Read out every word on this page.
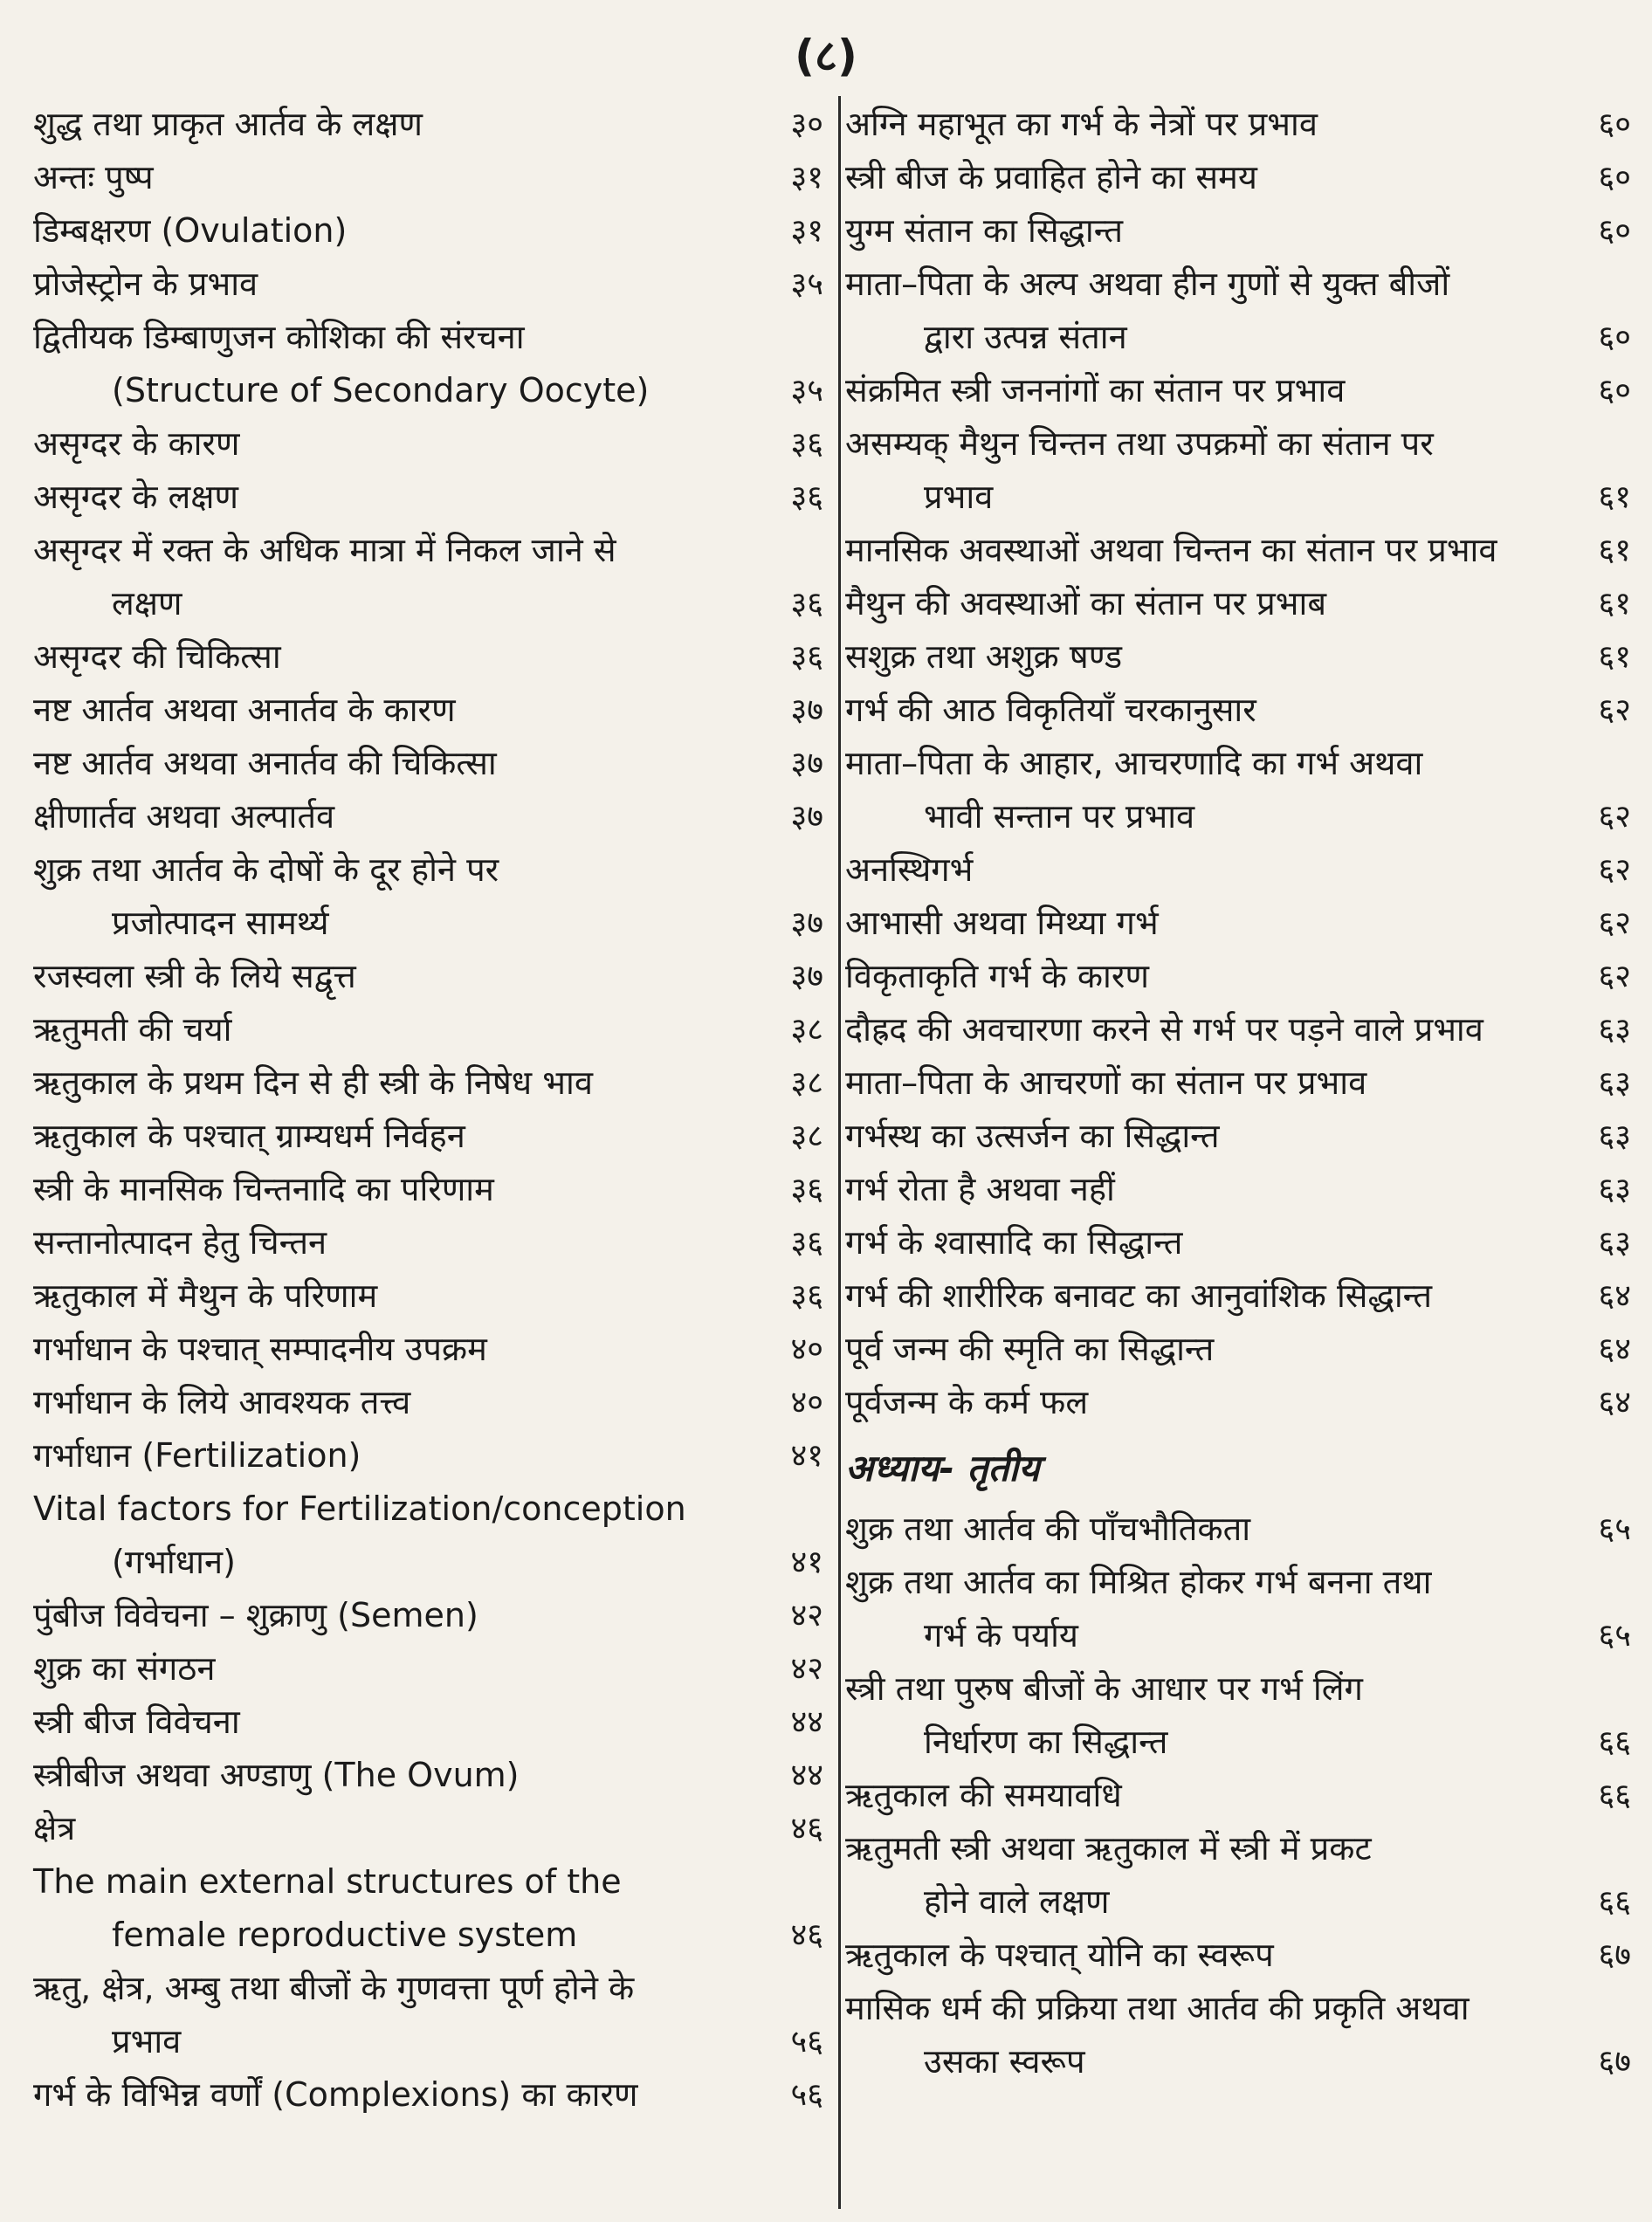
(८)
शुद्ध तथा प्राकृत आर्तव के लक्षण	३०
अन्तः पुष्प	३१
डिम्बक्षरण (Ovulation)	३१
प्रोजेस्ट्रोन के प्रभाव	३५
द्वितीयक डिम्बाणुजन कोशिका की संरचना
(Structure of Secondary Oocyte)	३५
असृग्दर के कारण	३६
असृग्दर के लक्षण	३६
असृग्दर में रक्त के अधिक मात्रा में निकल जाने से
लक्षण	३६
असृग्दर की चिकित्सा	३६
नष्ट आर्तव अथवा अनार्तव के कारण	३७
नष्ट आर्तव अथवा अनार्तव की चिकित्सा	३७
क्षीणार्तव अथवा अल्पार्तव	३७
शुक्र तथा आर्तव के दोषों के दूर होने पर
प्रजोत्पादन सामर्थ्य	३७
रजस्वला स्त्री के लिये सद्वृत्त	३७
ऋतुमती की चर्या	३८
ऋतुकाल के प्रथम दिन से ही स्त्री के निषेध भाव	३८
ऋतुकाल के पश्चात् ग्राम्यधर्म निर्वहन	३८
स्त्री के मानसिक चिन्तनादि का परिणाम	३६
सन्तानोत्पादन हेतु चिन्तन	३६
ऋतुकाल में मैथुन के परिणाम	३६
गर्भाधान के पश्चात् सम्पादनीय उपक्रम	४०
गर्भाधान के लिये आवश्यक तत्त्व	४०
गर्भाधान (Fertilization)	४१
Vital factors for Fertilization/conception
(गर्भाधान)	४१
पुंबीज विवेचना – शुक्राणु (Semen)	४२
शुक्र का संगठन	४२
स्त्री बीज विवेचना	४४
स्त्रीबीज अथवा अण्डाणु (The Ovum)	४४
क्षेत्र	४६
The main external structures of the
female reproductive system	४६
ऋतु, क्षेत्र, अम्बु तथा बीजों के गुणवत्ता पूर्ण होने के
प्रभाव	५६
गर्भ के विभिन्न वर्णों (Complexions) का कारण	५६
अग्नि महाभूत का गर्भ के नेत्रों पर प्रभाव	६०
स्त्री बीज के प्रवाहित होने का समय	६०
युग्म संतान का सिद्धान्त	६०
माता–पिता के अल्प अथवा हीन गुणों से युक्त बीजों
द्वारा उत्पन्न संतान	६०
संक्रमित स्त्री जननांगों का संतान पर प्रभाव	६०
असम्यक् मैथुन चिन्तन तथा उपक्रमों का संतान पर
प्रभाव	६१
मानसिक अवस्थाओं अथवा चिन्तन का संतान पर प्रभाव	६१
मैथुन की अवस्थाओं का संतान पर प्रभाब	६१
सशुक्र तथा अशुक्र षण्ड	६१
गर्भ की आठ विकृतियाँ चरकानुसार	६२
माता–पिता के आहार, आचरणादि का गर्भ अथवा
भावी सन्तान पर प्रभाव	६२
अनस्थिगर्भ	६२
आभासी अथवा मिथ्या गर्भ	६२
विकृताकृति गर्भ के कारण	६२
दौह्रद की अवचारणा करने से गर्भ पर पड़ने वाले प्रभाव	६३
माता–पिता के आचरणों का संतान पर प्रभाव	६३
गर्भस्थ का उत्सर्जन का सिद्धान्त	६३
गर्भ रोता है अथवा नहीं	६३
गर्भ के श्वासादि का सिद्धान्त	६३
गर्भ की शारीरिक बनावट का आनुवांशिक सिद्धान्त	६४
पूर्व जन्म की स्मृति का सिद्धान्त	६४
पूर्वजन्म के कर्म फल	६४
अध्याय- तृतीय
शुक्र तथा आर्तव की पाँचभौतिकता	६५
शुक्र तथा आर्तव का मिश्रित होकर गर्भ बनना तथा
गर्भ के पर्याय	६५
स्त्री तथा पुरुष बीजों के आधार पर गर्भ लिंग
निर्धारण का सिद्धान्त	६६
ऋतुकाल की समयावधि	६६
ऋतुमती स्त्री अथवा ऋतुकाल में स्त्री में प्रकट
होने वाले लक्षण	६६
ऋतुकाल के पश्चात् योनि का स्वरूप	६७
मासिक धर्म की प्रक्रिया तथा आर्तव की प्रकृति अथवा
उसका स्वरूप	६७
